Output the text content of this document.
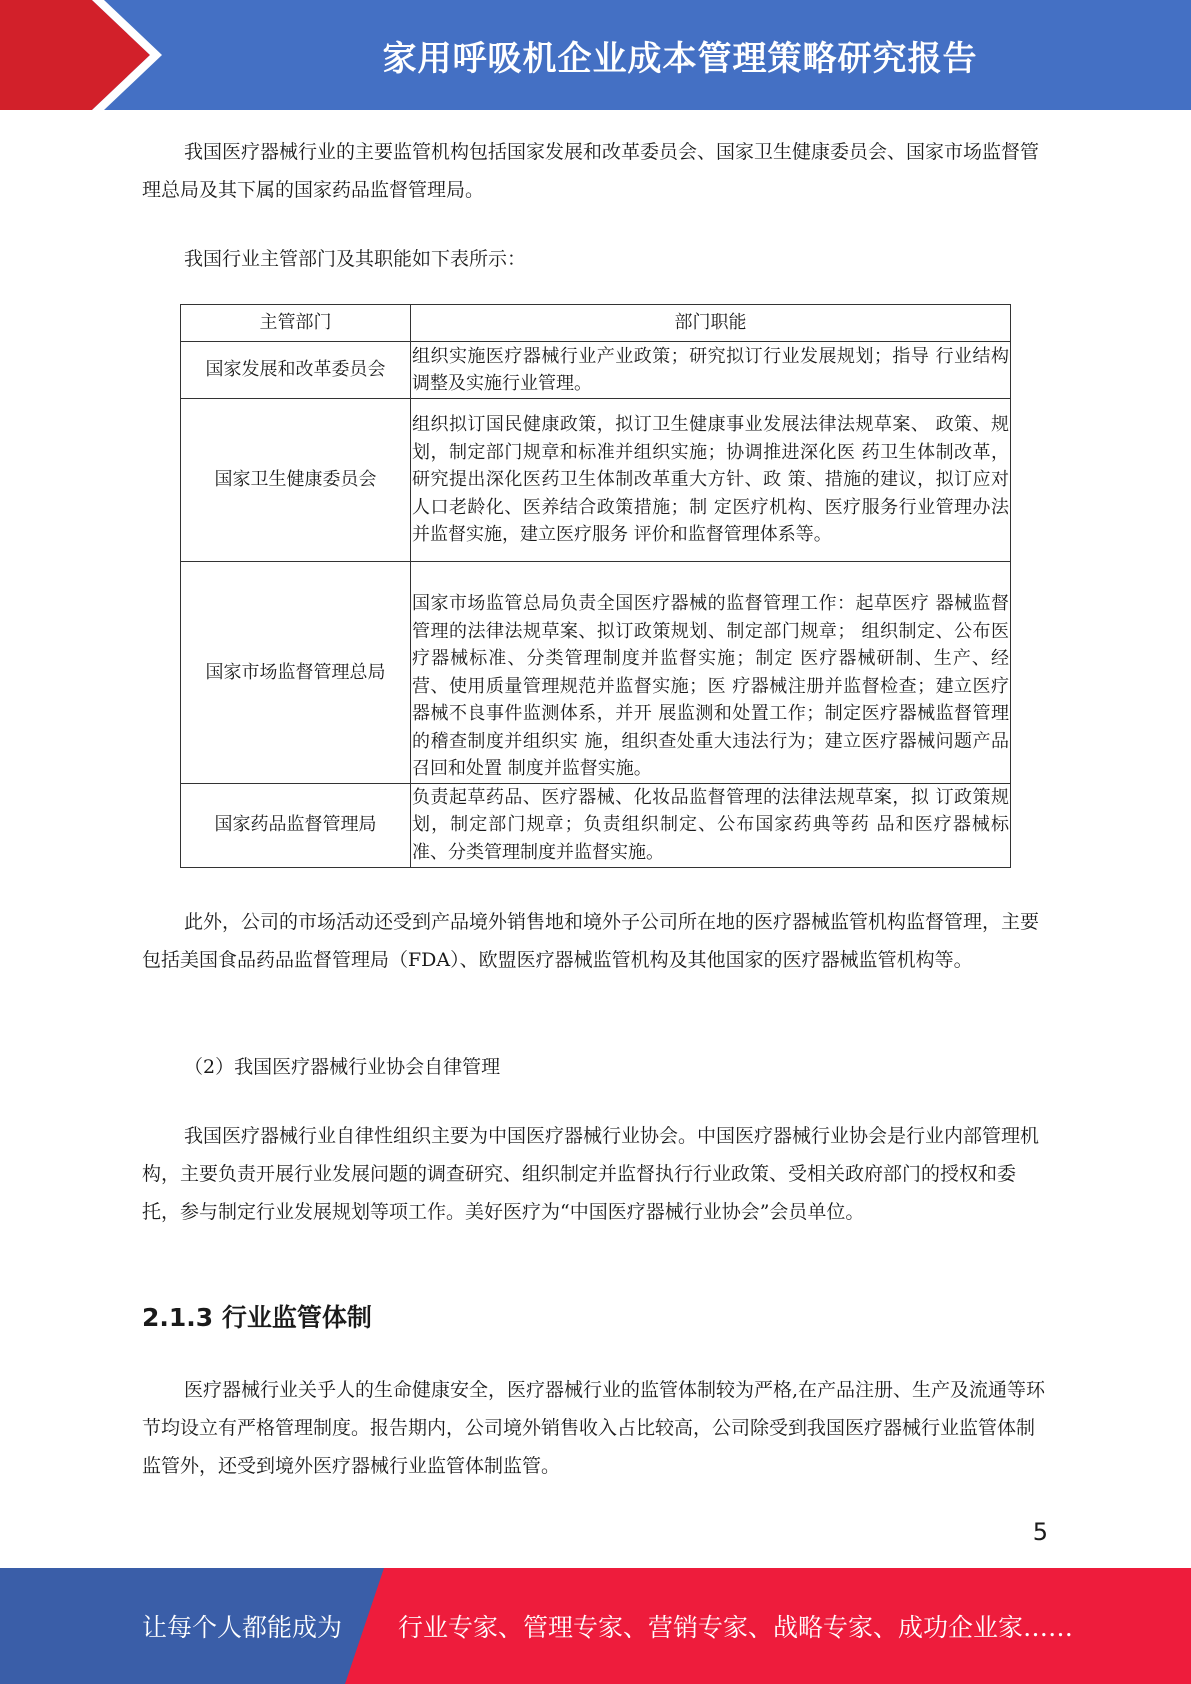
家用呼吸机企业成本管理策略研究报告

我国医疗器械行业的主要监管机构包括国家发展和改革委员会、国家卫生健康委员会、国家市场监督管理总局及其下属的国家药品监督管理局。

我国行业主管部门及其职能如下表所示：

主管部门	部门职能
国家发展和改革委员会	组织实施医疗器械行业产业政策；研究拟订行业发展规划；指导 行业结构调整及实施行业管理。
国家卫生健康委员会	组织拟订国民健康政策，拟订卫生健康事业发展法律法规草案、 政策、规划，制定部门规章和标准并组织实施；协调推进深化医 药卫生体制改革，研究提出深化医药卫生体制改革重大方针、政 策、措施的建议，拟订应对人口老龄化、医养结合政策措施；制 定医疗机构、医疗服务行业管理办法并监督实施，建立医疗服务 评价和监督管理体系等。
国家市场监督管理总局	国家市场监管总局负责全国医疗器械的监督管理工作：起草医疗 器械监督管理的法律法规草案、拟订政策规划、制定部门规章； 组织制定、公布医疗器械标准、分类管理制度并监督实施；制定 医疗器械研制、生产、经营、使用质量管理规范并监督实施；医 疗器械注册并监督检查；建立医疗器械不良事件监测体系，并开 展监测和处置工作；制定医疗器械监督管理的稽查制度并组织实 施，组织查处重大违法行为；建立医疗器械问题产品召回和处置 制度并监督实施。
国家药品监督管理局	负责起草药品、医疗器械、化妆品监督管理的法律法规草案，拟 订政策规划，制定部门规章；负责组织制定、公布国家药典等药 品和医疗器械标准、分类管理制度并监督实施。

此外，公司的市场活动还受到产品境外销售地和境外子公司所在地的医疗器械监管机构监督管理，主要包括美国食品药品监督管理局（FDA）、欧盟医疗器械监管机构及其他国家的医疗器械监管机构等。

（2）我国医疗器械行业协会自律管理

我国医疗器械行业自律性组织主要为中国医疗器械行业协会。中国医疗器械行业协会是行业内部管理机构，主要负责开展行业发展问题的调查研究、组织制定并监督执行行业政策、受相关政府部门的授权和委托，参与制定行业发展规划等项工作。美好医疗为“中国医疗器械行业协会”会员单位。

2.1.3 行业监管体制

医疗器械行业关乎人的生命健康安全，医疗器械行业的监管体制较为严格,在产品注册、生产及流通等环节均设立有严格管理制度。报告期内，公司境外销售收入占比较高，公司除受到我国医疗器械行业监管体制监管外，还受到境外医疗器械行业监管体制监管。

5
让每个人都能成为 行业专家、管理专家、营销专家、战略专家、成功企业家……
